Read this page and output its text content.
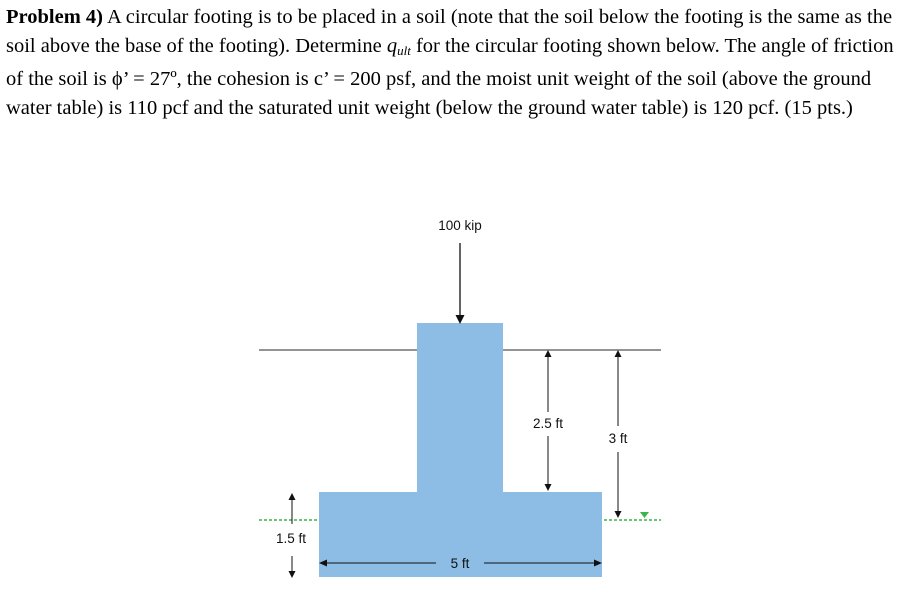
Problem 4) A circular footing is to be placed in a soil (note that the soil below the footing is the same as the soil above the base of the footing). Determine $q_{ult}$ for the circular footing shown below. The angle of friction of the soil is ϕ’ = 27º, the cohesion is c’ = 200 psf, and the moist unit weight of the soil (above the ground water table) is 110 pcf and the saturated unit weight (below the ground water table) is 120 pcf. (15 pts.)
100 kip
2.5 ft
3 ft
1.5 ft
5 ft
